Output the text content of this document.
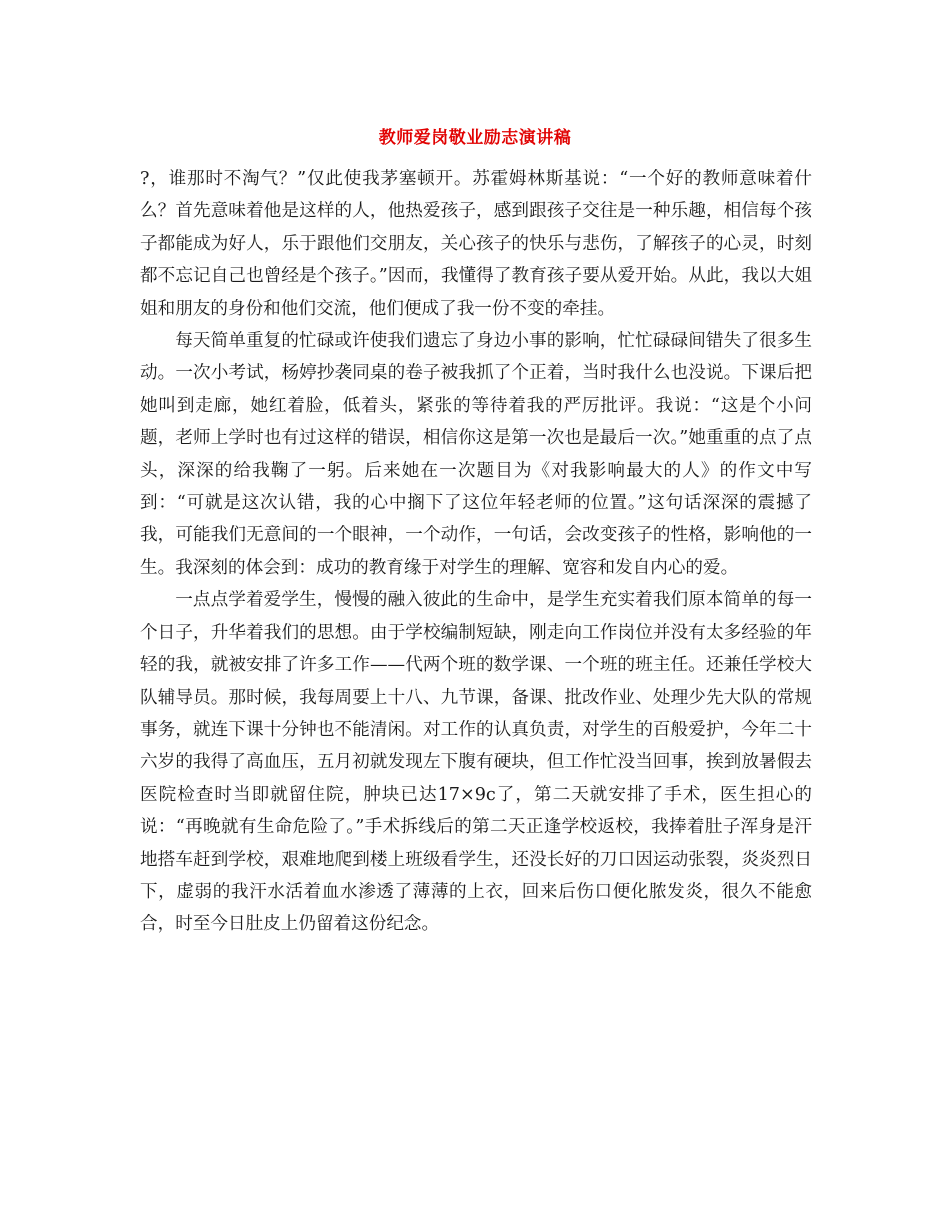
教师爱岗敬业励志演讲稿

?，谁那时不淘气？”仅此使我茅塞顿开。苏霍姆林斯基说：“一个好的教师意味着什么？首先意味着他是这样的人，他热爱孩子，感到跟孩子交往是一种乐趣，相信每个孩子都能成为好人，乐于跟他们交朋友，关心孩子的快乐与悲伤，了解孩子的心灵，时刻都不忘记自己也曾经是个孩子。”因而，我懂得了教育孩子要从爱开始。从此，我以大姐姐和朋友的身份和他们交流，他们便成了我一份不变的牵挂。

每天简单重复的忙碌或许使我们遗忘了身边小事的影响，忙忙碌碌间错失了很多生动。一次小考试，杨婷抄袭同桌的卷子被我抓了个正着，当时我什么也没说。下课后把她叫到走廊，她红着脸，低着头，紧张的等待着我的严厉批评。我说：“这是个小问题，老师上学时也有过这样的错误，相信你这是第一次也是最后一次。”她重重的点了点头，深深的给我鞠了一躬。后来她在一次题目为《对我影响最大的人》的作文中写到：“可就是这次认错，我的心中搁下了这位年轻老师的位置。”这句话深深的震撼了我，可能我们无意间的一个眼神，一个动作，一句话，会改变孩子的性格，影响他的一生。我深刻的体会到：成功的教育缘于对学生的理解、宽容和发自内心的爱。

一点点学着爱学生，慢慢的融入彼此的生命中，是学生充实着我们原本简单的每一个日子，升华着我们的思想。由于学校编制短缺，刚走向工作岗位并没有太多经验的年轻的我，就被安排了许多工作——代两个班的数学课、一个班的班主任。还兼任学校大队辅导员。那时候，我每周要上十八、九节课，备课、批改作业、处理少先大队的常规事务，就连下课十分钟也不能清闲。对工作的认真负责，对学生的百般爱护，今年二十六岁的我得了高血压，五月初就发现左下腹有硬块，但工作忙没当回事，挨到放暑假去医院检查时当即就留住院，肿块已达17×9c了，第二天就安排了手术，医生担心的说：“再晚就有生命危险了。”手术拆线后的第二天正逢学校返校，我捧着肚子浑身是汗地搭车赶到学校，艰难地爬到楼上班级看学生，还没长好的刀口因运动张裂，炎炎烈日下，虚弱的我汗水活着血水渗透了薄薄的上衣，回来后伤口便化脓发炎，很久不能愈合，时至今日肚皮上仍留着这份纪念。
